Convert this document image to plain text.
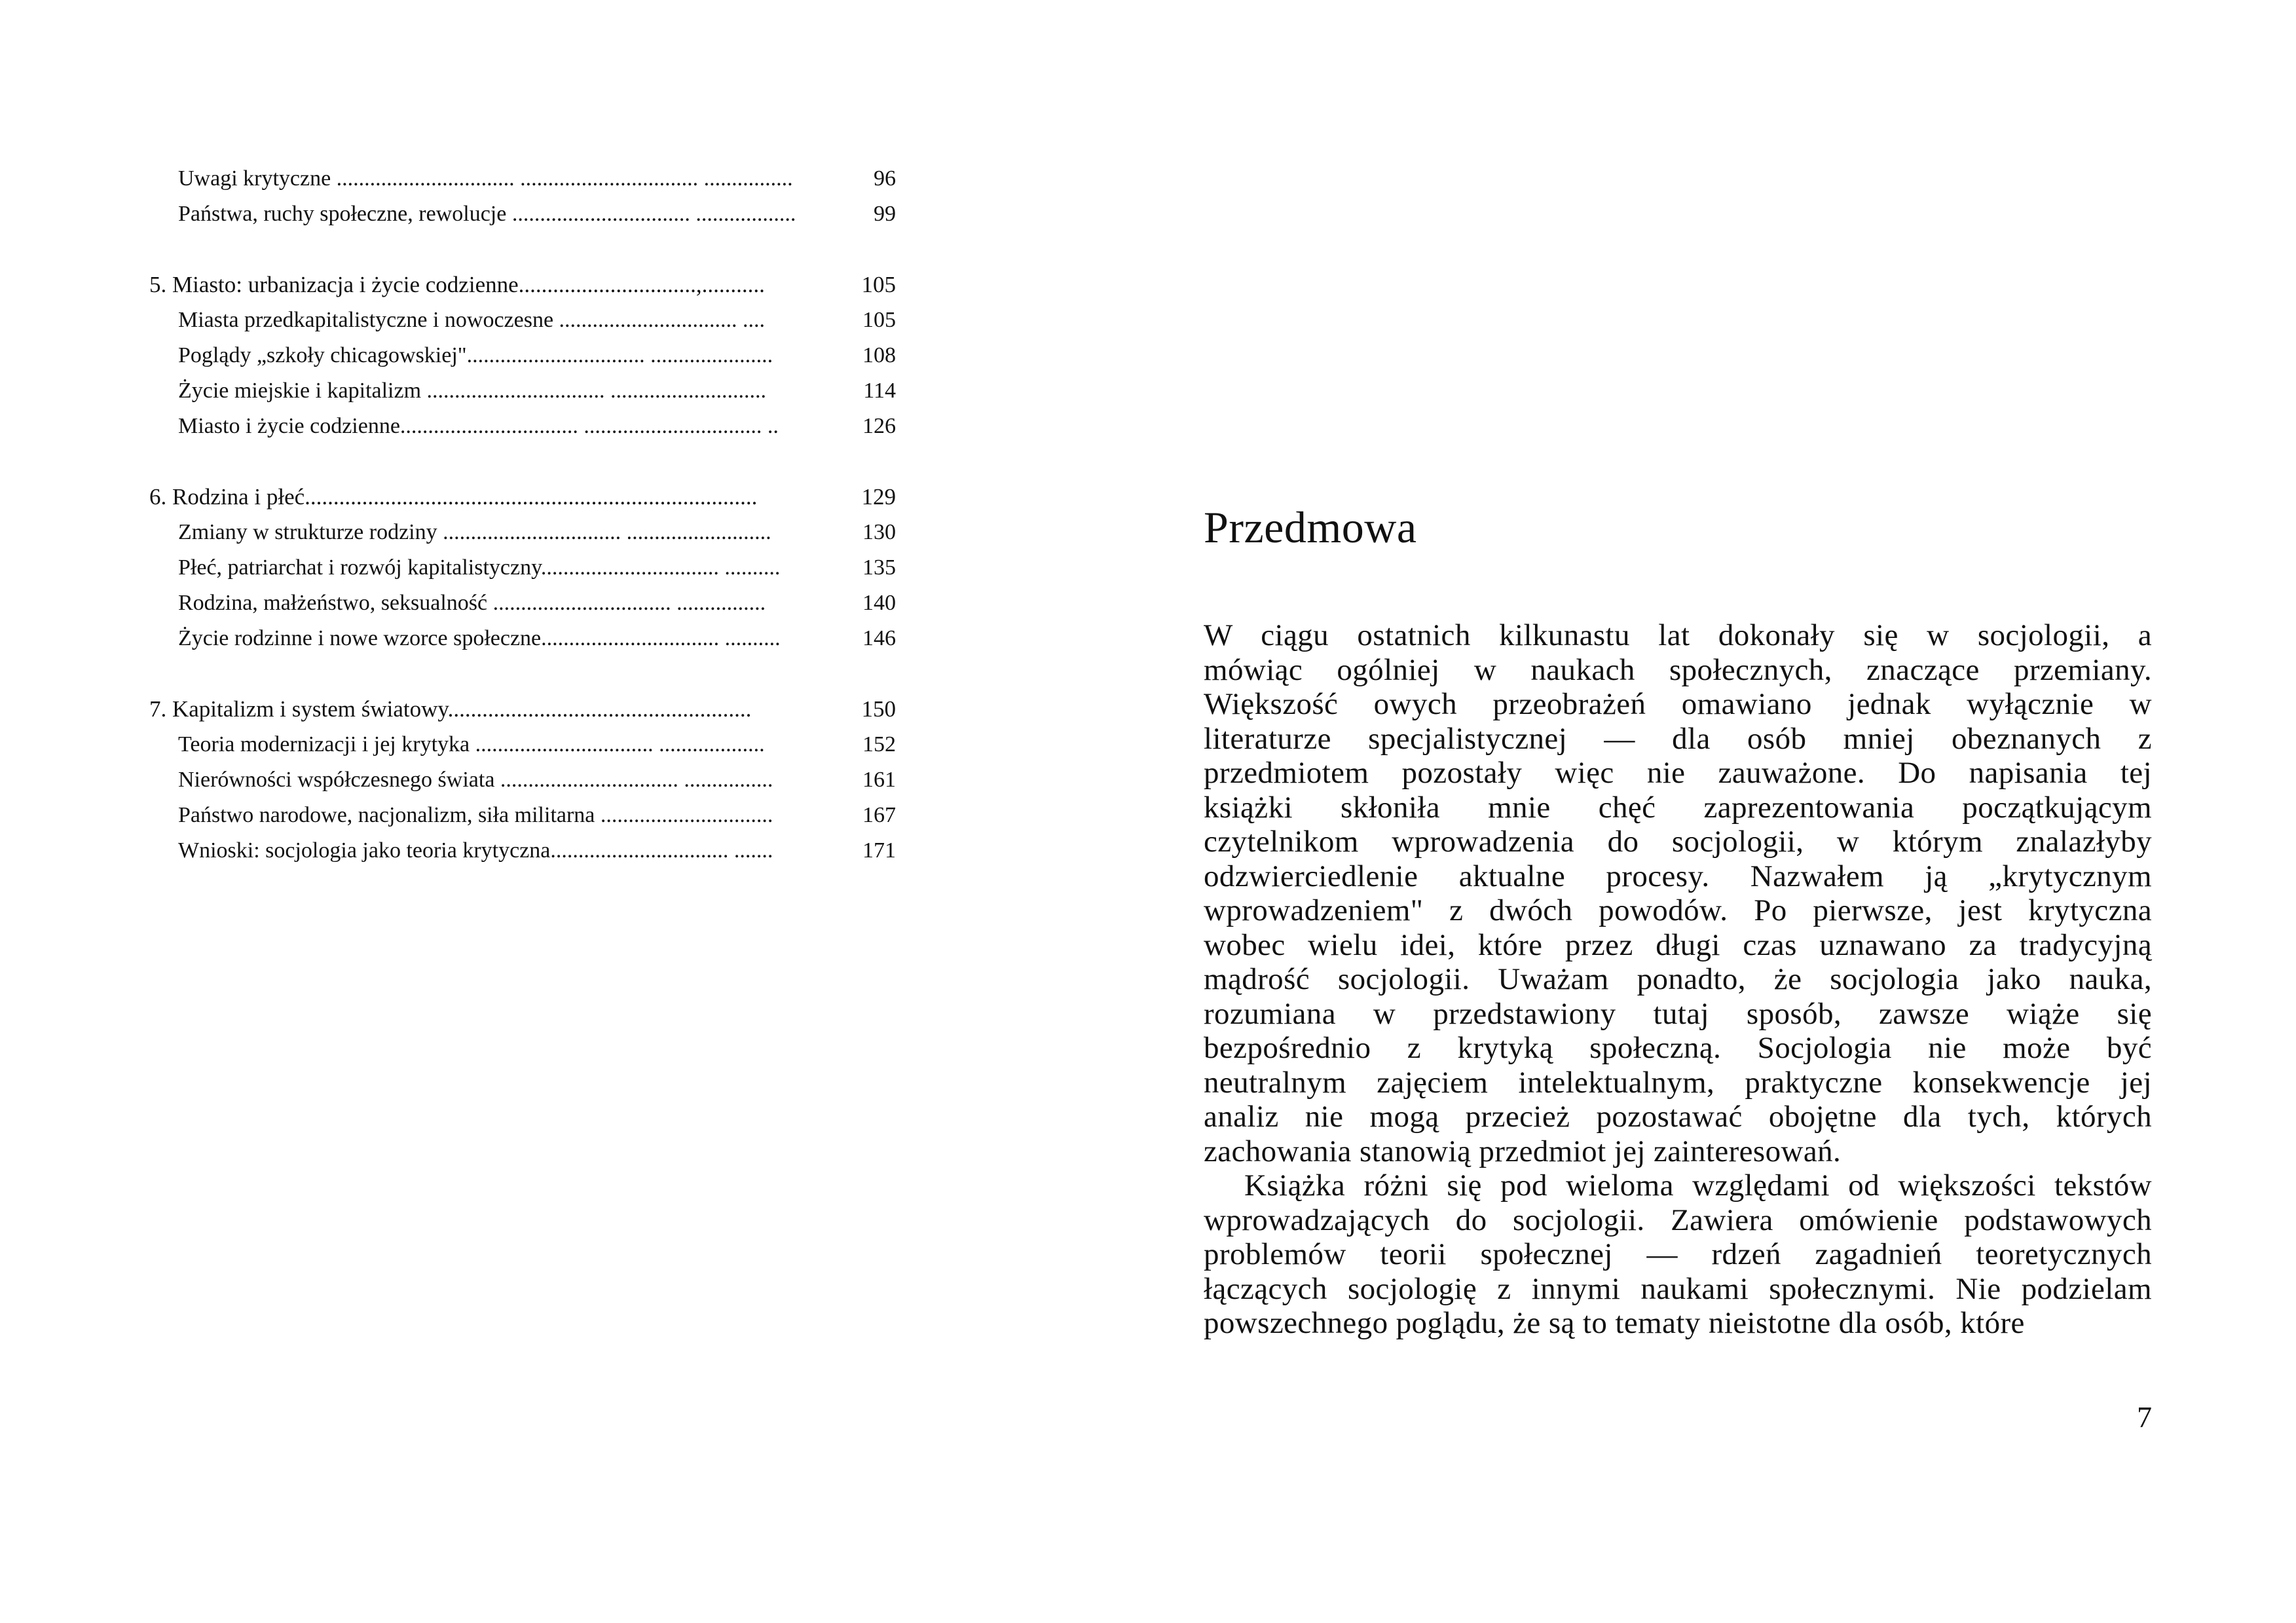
Uwagi krytyczne ................................ ................................ ................	96
Państwa, ruchy społeczne, rewolucje ................................ ..................	99
5. Miasto: urbanizacja i życie codzienne...............................,...........	105
Miasta przedkapitalistyczne i nowoczesne ................................ ....	105
Poglądy „szkoły chicagowskiej"................................ ......................	108
Życie miejskie i kapitalizm ................................ ............................	114
Miasto i życie codzienne................................ ................................ ..	126
6. Rodzina i płeć...............................................................................	129
Zmiany w strukturze rodziny ................................ ..........................	130
Płeć, patriarchat i rozwój kapitalistyczny................................ ..........	135
Rodzina, małżeństwo, seksualność ................................ ................	140
Życie rodzinne i nowe wzorce społeczne................................ ..........	146
7. Kapitalizm i system światowy.....................................................	150
Teoria modernizacji i jej krytyka ................................ ...................	152
Nierówności współczesnego świata ................................ ................	161
Państwo narodowe, nacjonalizm, siła militarna ...............................	167
Wnioski: socjologia jako teoria krytyczna................................ .......	171
Przedmowa

W ciągu ostatnich kilkunastu lat dokonały się w socjologii, a
mówiąc ogólniej w naukach społecznych, znaczące przemiany.
Większość owych przeobrażeń omawiano jednak wyłącznie w
literaturze specjalistycznej — dla osób mniej obeznanych z
przedmiotem pozostały więc nie zauważone. Do napisania tej
książki skłoniła mnie chęć zaprezentowania początkującym
czytelnikom wprowadzenia do socjologii, w którym znalazłyby
odzwierciedlenie aktualne procesy. Nazwałem ją „krytycznym
wprowadzeniem" z dwóch powodów. Po pierwsze, jest krytyczna
wobec wielu idei, które przez długi czas uznawano za tradycyjną
mądrość socjologii. Uważam ponadto, że socjologia jako nauka,
rozumiana w przedstawiony tutaj sposób, zawsze wiąże się
bezpośrednio z krytyką społeczną. Socjologia nie może być
neutralnym zajęciem intelektualnym, praktyczne konsekwencje jej
analiz nie mogą przecież pozostawać obojętne dla tych, których
zachowania stanowią przedmiot jej zainteresowań.

Książka różni się pod wieloma względami od większości tekstów
wprowadzających do socjologii. Zawiera omówienie podstawowych
problemów teorii społecznej — rdzeń zagadnień teoretycznych
łączących socjologię z innymi naukami społecznymi. Nie podzielam
powszechnego poglądu, że są to tematy nieistotne dla osób, które

7
